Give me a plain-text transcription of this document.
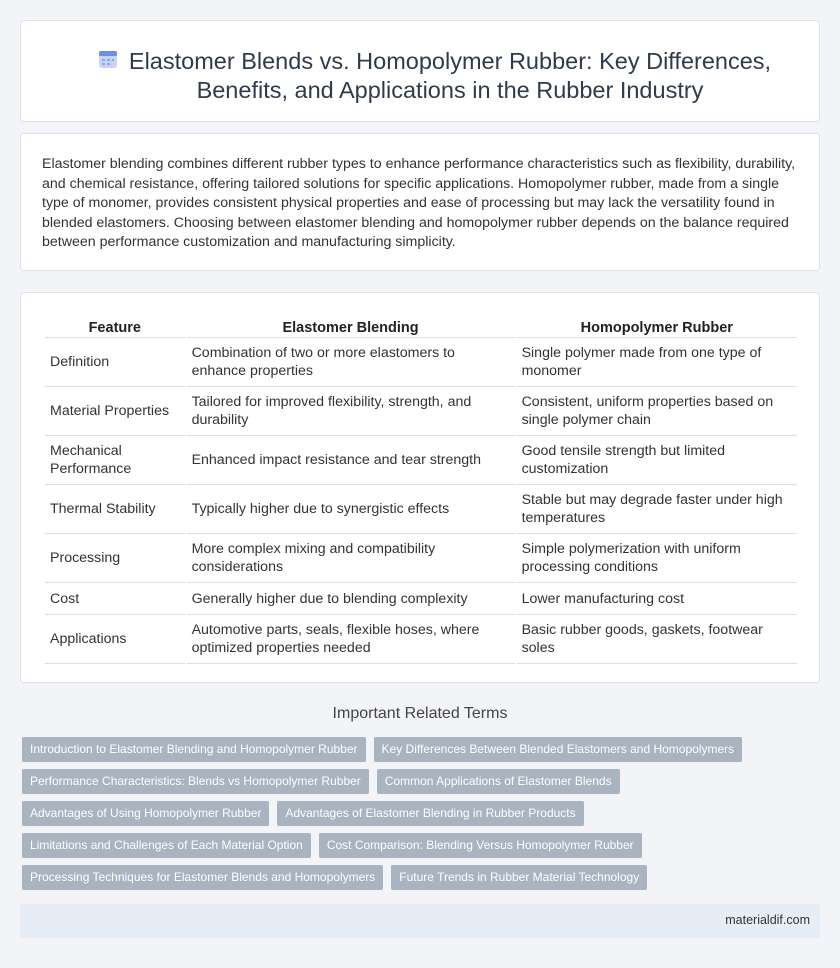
Elastomer Blends vs. Homopolymer Rubber: Key Differences, Benefits, and Applications in the Rubber Industry

Elastomer blending combines different rubber types to enhance performance characteristics such as flexibility, durability, and chemical resistance, offering tailored solutions for specific applications. Homopolymer rubber, made from a single type of monomer, provides consistent physical properties and ease of processing but may lack the versatility found in blended elastomers. Choosing between elastomer blending and homopolymer rubber depends on the balance required between performance customization and manufacturing simplicity.

Feature	Elastomer Blending	Homopolymer Rubber
Definition	Combination of two or more elastomers to enhance properties	Single polymer made from one type of monomer
Material Properties	Tailored for improved flexibility, strength, and durability	Consistent, uniform properties based on single polymer chain
Mechanical Performance	Enhanced impact resistance and tear strength	Good tensile strength but limited customization
Thermal Stability	Typically higher due to synergistic effects	Stable but may degrade faster under high temperatures
Processing	More complex mixing and compatibility considerations	Simple polymerization with uniform processing conditions
Cost	Generally higher due to blending complexity	Lower manufacturing cost
Applications	Automotive parts, seals, flexible hoses, where optimized properties needed	Basic rubber goods, gaskets, footwear soles
Important Related Terms
Introduction to Elastomer Blending and Homopolymer Rubber	Key Differences Between Blended Elastomers and Homopolymers
Performance Characteristics: Blends vs Homopolymer Rubber	Common Applications of Elastomer Blends
Advantages of Using Homopolymer Rubber	Advantages of Elastomer Blending in Rubber Products
Limitations and Challenges of Each Material Option	Cost Comparison: Blending Versus Homopolymer Rubber
Processing Techniques for Elastomer Blends and Homopolymers	Future Trends in Rubber Material Technology
materialdif.com
